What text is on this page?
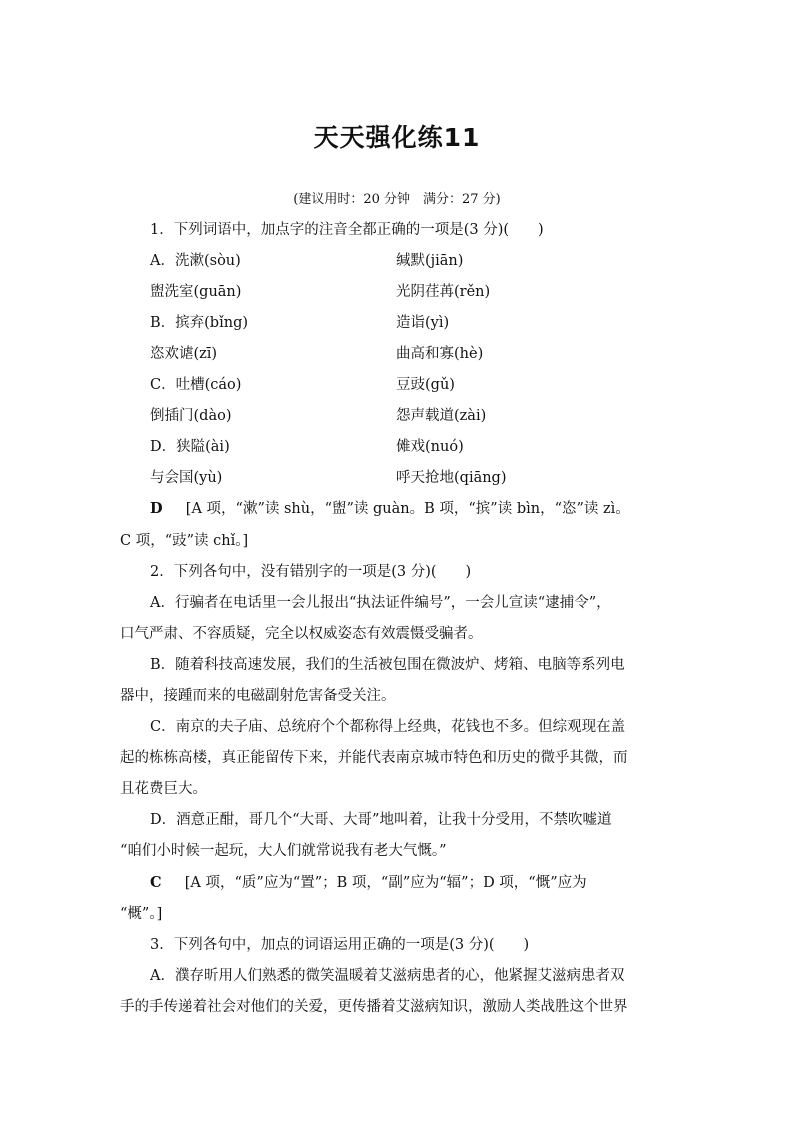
天天强化练11
(建议用时：20 分钟　满分：27 分)
1．下列词语中，加点字的注音全都正确的一项是(3 分)(　　)
A．洗漱(sòu)	缄默(jiān)
盥洗室(guān)	光阴荏苒(rěn)
B．摈弃(bǐng)	造诣(yì)
恣欢谑(zī)	曲高和寡(hè)
C．吐槽(cáo)	豆豉(gǔ)
倒插门(dào)	怨声载道(zài)
D．狭隘(ài)	傩戏(nuó)
与会国(yù)	呼天抢地(qiāng)
D [A 项，“漱”读 shù，“盥”读 guàn。B 项，“摈”读 bìn，“恣”读 zì。
C 项，“豉”读 chǐ。]
2．下列各句中，没有错别字的一项是(3 分)(　　)
A．行骗者在电话里一会儿报出“执法证件编号”，一会儿宣读“逮捕令”，
口气严肃、不容质疑，完全以权威姿态有效震慑受骗者。
B．随着科技高速发展，我们的生活被包围在微波炉、烤箱、电脑等系列电
器中，接踵而来的电磁副射危害备受关注。
C．南京的夫子庙、总统府个个都称得上经典，花钱也不多。但综观现在盖
起的栋栋高楼，真正能留传下来，并能代表南京城市特色和历史的微乎其微，而
且花费巨大。
D．酒意正酣，哥几个“大哥、大哥”地叫着，让我十分受用，不禁吹嘘道
“咱们小时候一起玩，大人们就常说我有老大气慨。”
C [A 项，“质”应为“置”；B 项，“副”应为“辐”；D 项，“慨”应为
“概”。]
3．下列各句中，加点的词语运用正确的一项是(3 分)(　　)
A．濮存昕用人们熟悉的微笑温暖着艾滋病患者的心，他紧握艾滋病患者双
手的手传递着社会对他们的关爱，更传播着艾滋病知识，激励人类战胜这个世界
